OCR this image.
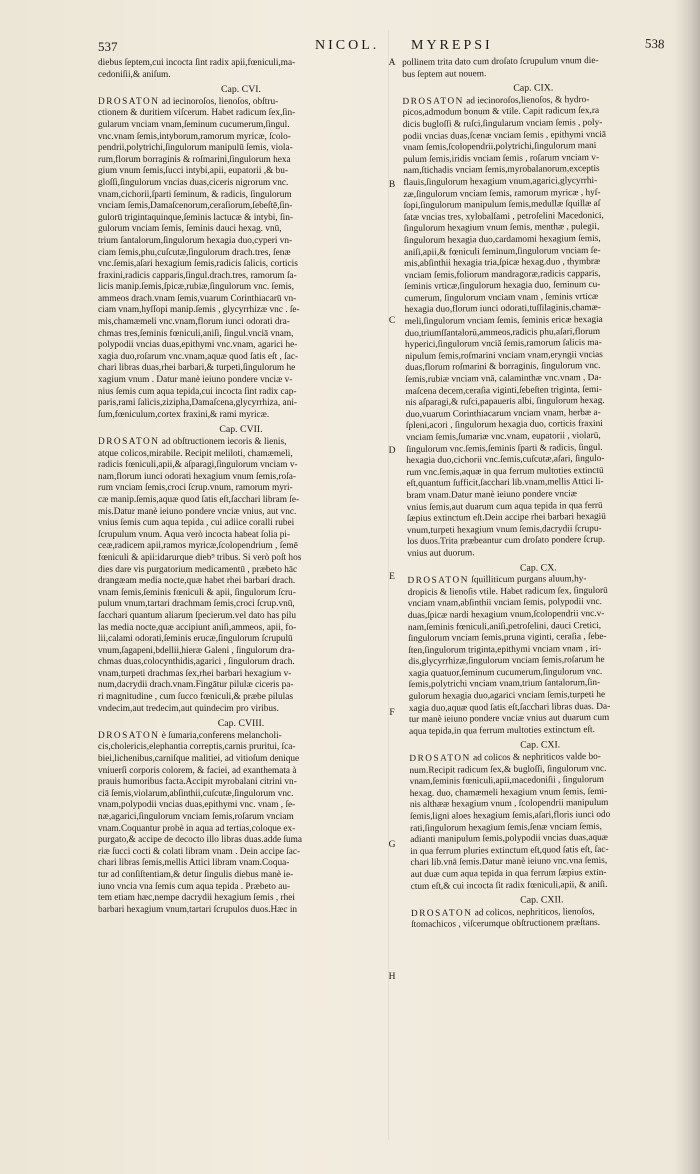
537	NICOL. MYREPSI	538

diebus ſeptem,cui incocta ſint radix apii,fœniculi,ma-
cedoniſii,& aniſum.

Cap. CVI.

DROSATON ad iecinoroſos, lienoſos, obſtru-
ctionem & duritiem viſcerum. Habet radicum ſex,ſin-
gularum vnciam vnam,ſeminum cucumerum,ſingul.
vnc.vnam ſemis,intyborum,ramorum myricæ, ſcolo-
pendrii,polytrichi,ſingulorum manipulū ſemis, viola-
rum,florum borraginis & roſmarini,ſingulorum hexa
gium vnum ſemis,ſucci intybi,apii, eupatorii ,& bu-
gloſſi,ſingulorum vncias duas,ciceris nigrorum vnc.
vnam,cichorii,ſparti ſeminum, & radicis, ſingulorum
vnciam ſemis,Damaſcenorum,ceraſiorum,ſebeſtē,ſin-
gulorū trigintaquinque,ſeminis lactucæ & intybi, ſin-
gulorum vnciam ſemis, ſeminis dauci hexag. vnū,
trium ſantalorum,ſingulorum hexagia duo,cyperi vn-
ciam ſemis,phu,cuſcutæ,ſingulorum drach.tres, ſenæ
vnc.ſemis,aſari hexagium ſemis,radicis ſalicis, corticis
fraxini,radicis capparis,ſingul.drach.tres, ramorum ſa-
licis manip.ſemis,ſpicæ,rubiæ,ſingulorum vnc. ſemis,
ammeos drach.vnam ſemis,vuarum Corinthiacarū vn-
ciam vnam,hyſſopi manip.ſemis , glycyrrhizæ vnc . ſe-
mis,chamæmeli vnc.vnam,florum iunci odorati dra-
chmas tres,ſeminis fœniculi,aniſi, ſingul.vnciā vnam,
polypodii vncias duas,epithymi vnc.vnam, agarici he-
xagia duo,roſarum vnc.vnam,aquæ quod ſatis eſt , ſac-
chari libras duas,rhei barbari,& turpeti,ſingulorum he
xagium vnum . Datur manè ieiuno pondere vnciæ v-
nius ſemis cum aqua tepida,cui incocta ſint radix cap-
paris,rami ſalicis,zizipha,Damaſcena,glycyrrhiza, ani-
ſum,fœniculum,cortex fraxini,& rami myricæ.

Cap. CVII.

DROSATON ad obſtructionem iecoris & lienis,
atque colicos,mirabile. Recipit meliloti, chamæmeli,
radicis fœniculi,apii,& aſparagi,ſingulorum vnciam v-
nam,florum iunci odorati hexagium vnum ſemis,roſa-
rum vnciam ſemis,croci ſcrup.vnum, ramorum myri-
cæ manip.ſemis,aquæ quod ſatis eſt,ſacchari libram ſe-
mis.Datur manè ieiuno pondere vnciæ vnius, aut vnc.
vnius ſemis cum aqua tepida , cui adiice coralli rubei
ſcrupulum vnum. Aqua verò incocta habeat ſolia pi-
ceæ,radicem apii,ramos myricæ,ſcolopendrium , ſemē
fœniculi & apii:idarurque dieb⁹ tribus. Si verò poſt hos
dies dare vis purgatorium medicamentū , præbeto hāc
drangæam media nocte,quæ habet rhei barbari drach.
vnam ſemis,ſeminis fœniculi & apii, ſingulorum ſcru-
pulum vnum,tartari drachmam ſemis,croci ſcrup.vnū,
ſacchari quantum aliarum ſpecierum.vel dato has pilu
las media nocte,quæ accipiunt aniſi,ammeos, apii, fo-
lii,calami odorati,ſeminis erucæ,ſingulorum ſcrupulū
vnum,ſagapeni,bdellii,hieræ Galeni , ſingulorum dra-
chmas duas,colocynthidis,agarici , ſingulorum drach.
vnam,turpeti drachmas ſex,rhei barbari hexagium v-
num,dacrydii drach.vnam.Fingātur pilulæ ciceris pa-
ri magnitudine , cum ſucco fœniculi,& præbe pilulas
vndecim,aut tredecim,aut quindecim pro viribus.

Cap. CVIII.

DROSATON è ſumaria,conferens melancholi-
cis,cholericis,elephantia correptis,carnis pruritui, ſca-
biei,lichenibus,carniſque malitiei, ad vitioſum denique
vniuerſi corporis colorem, & faciei, ad exanthemata à
prauis humoribus facta.Accipit myrobalani citrini vn-
ciā ſemis,violarum,abſinthii,cuſcutæ,ſingulorum vnc.
vnam,polypodii vncias duas,epithymi vnc. vnam , ſe-
næ,agarici,ſingulorum vnciam ſemis,roſarum vnciam
vnam.Coquantur probè in aqua ad tertias,coloque ex-
purgato,& accipe de decocto illo libras duas.adde ſuma
riæ ſucci cocti & colati libram vnam . Dein accipe ſac-
chari libras ſemis,mellis Attici libram vnam.Coqua-
tur ad conſiſtentiam,& detur ſingulis diebus manè ie-
iuno vncia vna ſemis cum aqua tepida . Præbeto au-
tem etiam hæc,nempe dacrydii hexagium ſemis , rhei
barbari hexagium vnum,tartari ſcrupulos duos.Hæc in

pollinem trita dato cum droſato ſcrupulum vnum die-
bus ſeptem aut nouem.

Cap. CIX.

DROSATON ad iecinoroſos,lienoſos, & hydro-
picos,admodum bonum & vtile. Capit radicum ſex,ra
dicis bugloſſi & ruſci,ſingularum vnciam ſemis , poly-
podii vncias duas,ſcenæ vnciam ſemis , epithymi vnciā
vnam ſemis,ſcolopendrii,polytrichi,ſingulorum mani
pulum ſemis,iridis vnciam ſemis , roſarum vnciam v-
nam,ſtichadis vnciam ſemis,myrobalanorum,exceptis
flauis,ſingulorum hexagium vnum,agarici,glycyrrhi-
zæ,ſingulorum vnciam ſemis, ramorum myricæ , hyſ-
ſopi,ſingulorum manipulum ſemis,medullæ ſquillæ aſ
ſatæ vncias tres, xylobalſami , petroſelini Macedonici,
ſingulorum hexagium vnum ſemis, menthæ , pulegii,
ſingulorum hexagia duo,cardamomi hexagium ſemis,
aniſi,apii,& fœniculi ſeminum,ſingulorum vnciam ſe-
mis,abſinthii hexagia tria,ſpicæ hexag.duo , thymbræ
vnciam ſemis,foliorum mandragoræ,radicis capparis,
ſeminis vrticæ,ſingulorum hexagia duo, ſeminum cu-
cumerum, ſingulorum vnciam vnam , ſeminis vrticæ
hexagia duo,florum iunci odorati,tuſſilaginis,chamæ-
meli,ſingulorum vnciam ſemis, ſeminis ericæ hexagia
duo,triumſſantalorū,ammeos,radicis phu,aſari,florum
hyperici,ſingulorum vnciā ſemis,ramorum ſalicis ma-
nipulum ſemis,roſmarini vnciam vnam,eryngii vncias
duas,florum roſmarini & borraginis, ſingulorum vnc.
ſemis,rubiæ vnciam vnā, calaminthæ vnc.vnam , Da-
maſcena decem,ceraſia viginti,ſebeſten triginta, ſemi-
nis aſparagi,& ruſci,papaueris albi, ſingulorum hexag.
duo,vuarum Corinthiacarum vnciam vnam, herbæ a-
ſpleni,acori , ſingulorum hexagia duo, corticis fraxini
vnciam ſemis,ſumariæ vnc.vnam, eupatorii , violarū,
ſingulorum vnc.ſemis,ſeminis ſparti & radicis, ſingul.
hexagia duo,cichorii vnc.ſemis,cuſcutæ,aſari, ſingulo-
rum vnc.ſemis,aquæ in qua ferrum multoties extinctū
eſt,quantum ſufficit,ſacchari lib.vnam,mellis Attici li-
bram vnam.Datur manè ieiuno pondere vnciæ
vnius ſemis,aut duarum cum aqua tepida in qua ferrū
ſæpius extinctum eſt.Dein accipe rhei barbari hexagiū
vnum,turpeti hexagium vnum ſemis,dacrydii ſcrupu-
los duos.Trita præbeantur cum droſato pondere ſcrup.
vnius aut duorum.

Cap. CX.

DROSATON ſquilliticum purgans aluum,hy-
dropicis & lienoſis vtile. Habet radicum ſex, ſingulorū
vnciam vnam,abſinthii vnciam ſemis, polypodii vnc.
duas,ſpicæ nardi hexagium vnum,ſcolopendrii vnc.v-
nam,ſeminis fœniculi,aniſi,petroſelini, dauci Cretici,
ſingulorum vnciam ſemis,pruna viginti, ceraſia , ſebe-
ſten,ſingulorum triginta,epithymi vnciam vnam , iri-
dis,glycyrrhizæ,ſingulorum vnciam ſemis,roſarum he
xagia quatuor,ſeminum cucumerum,ſingulorum vnc.
ſemis,polytrichi vnciam vnam,trium ſantalorum,ſin-
gulorum hexagia duo,agarici vnciam ſemis,turpeti he
xagia duo,aquæ quod ſatis eſt,ſacchari libras duas. Da-
tur manè ieiuno pondere vnciæ vnius aut duarum cum
aqua tepida,in qua ferrum multoties extinctum eſt.

Cap. CXI.

DROSATON ad colicos & nephriticos valde bo-
num.Recipit radicum ſex,& bugloſſi, ſingulorum vnc.
vnam,ſeminis fœniculi,apii,macedoniſii , ſingulorum
hexag. duo, chamæmeli hexagium vnum ſemis, ſemi-
nis althææ hexagium vnum , ſcolopendrii manipulum
ſemis,ligni aloes hexagium ſemis,aſari,floris iunci odo
rati,ſingulorum hexagium ſemis,ſenæ vnciam ſemis,
adianti manipulum ſemis,polypodii vncias duas,aquæ
in qua ferrum pluries extinctum eſt,quod ſatis eſt, ſac-
chari lib.vnā ſemis.Datur manè ieiuno vnc.vna ſemis,
aut duæ cum aqua tepida in qua ferrum ſæpius extin-
ctum eſt,& cui incocta ſit radix fœniculi,apii, & aniſi.

Cap. CXII.

DROSATON ad colicos, nephriticos, lienoſos,
ſtomachicos , viſcerumque obſtructionem præſtans.

A
B
C
D
E
F
G
H
